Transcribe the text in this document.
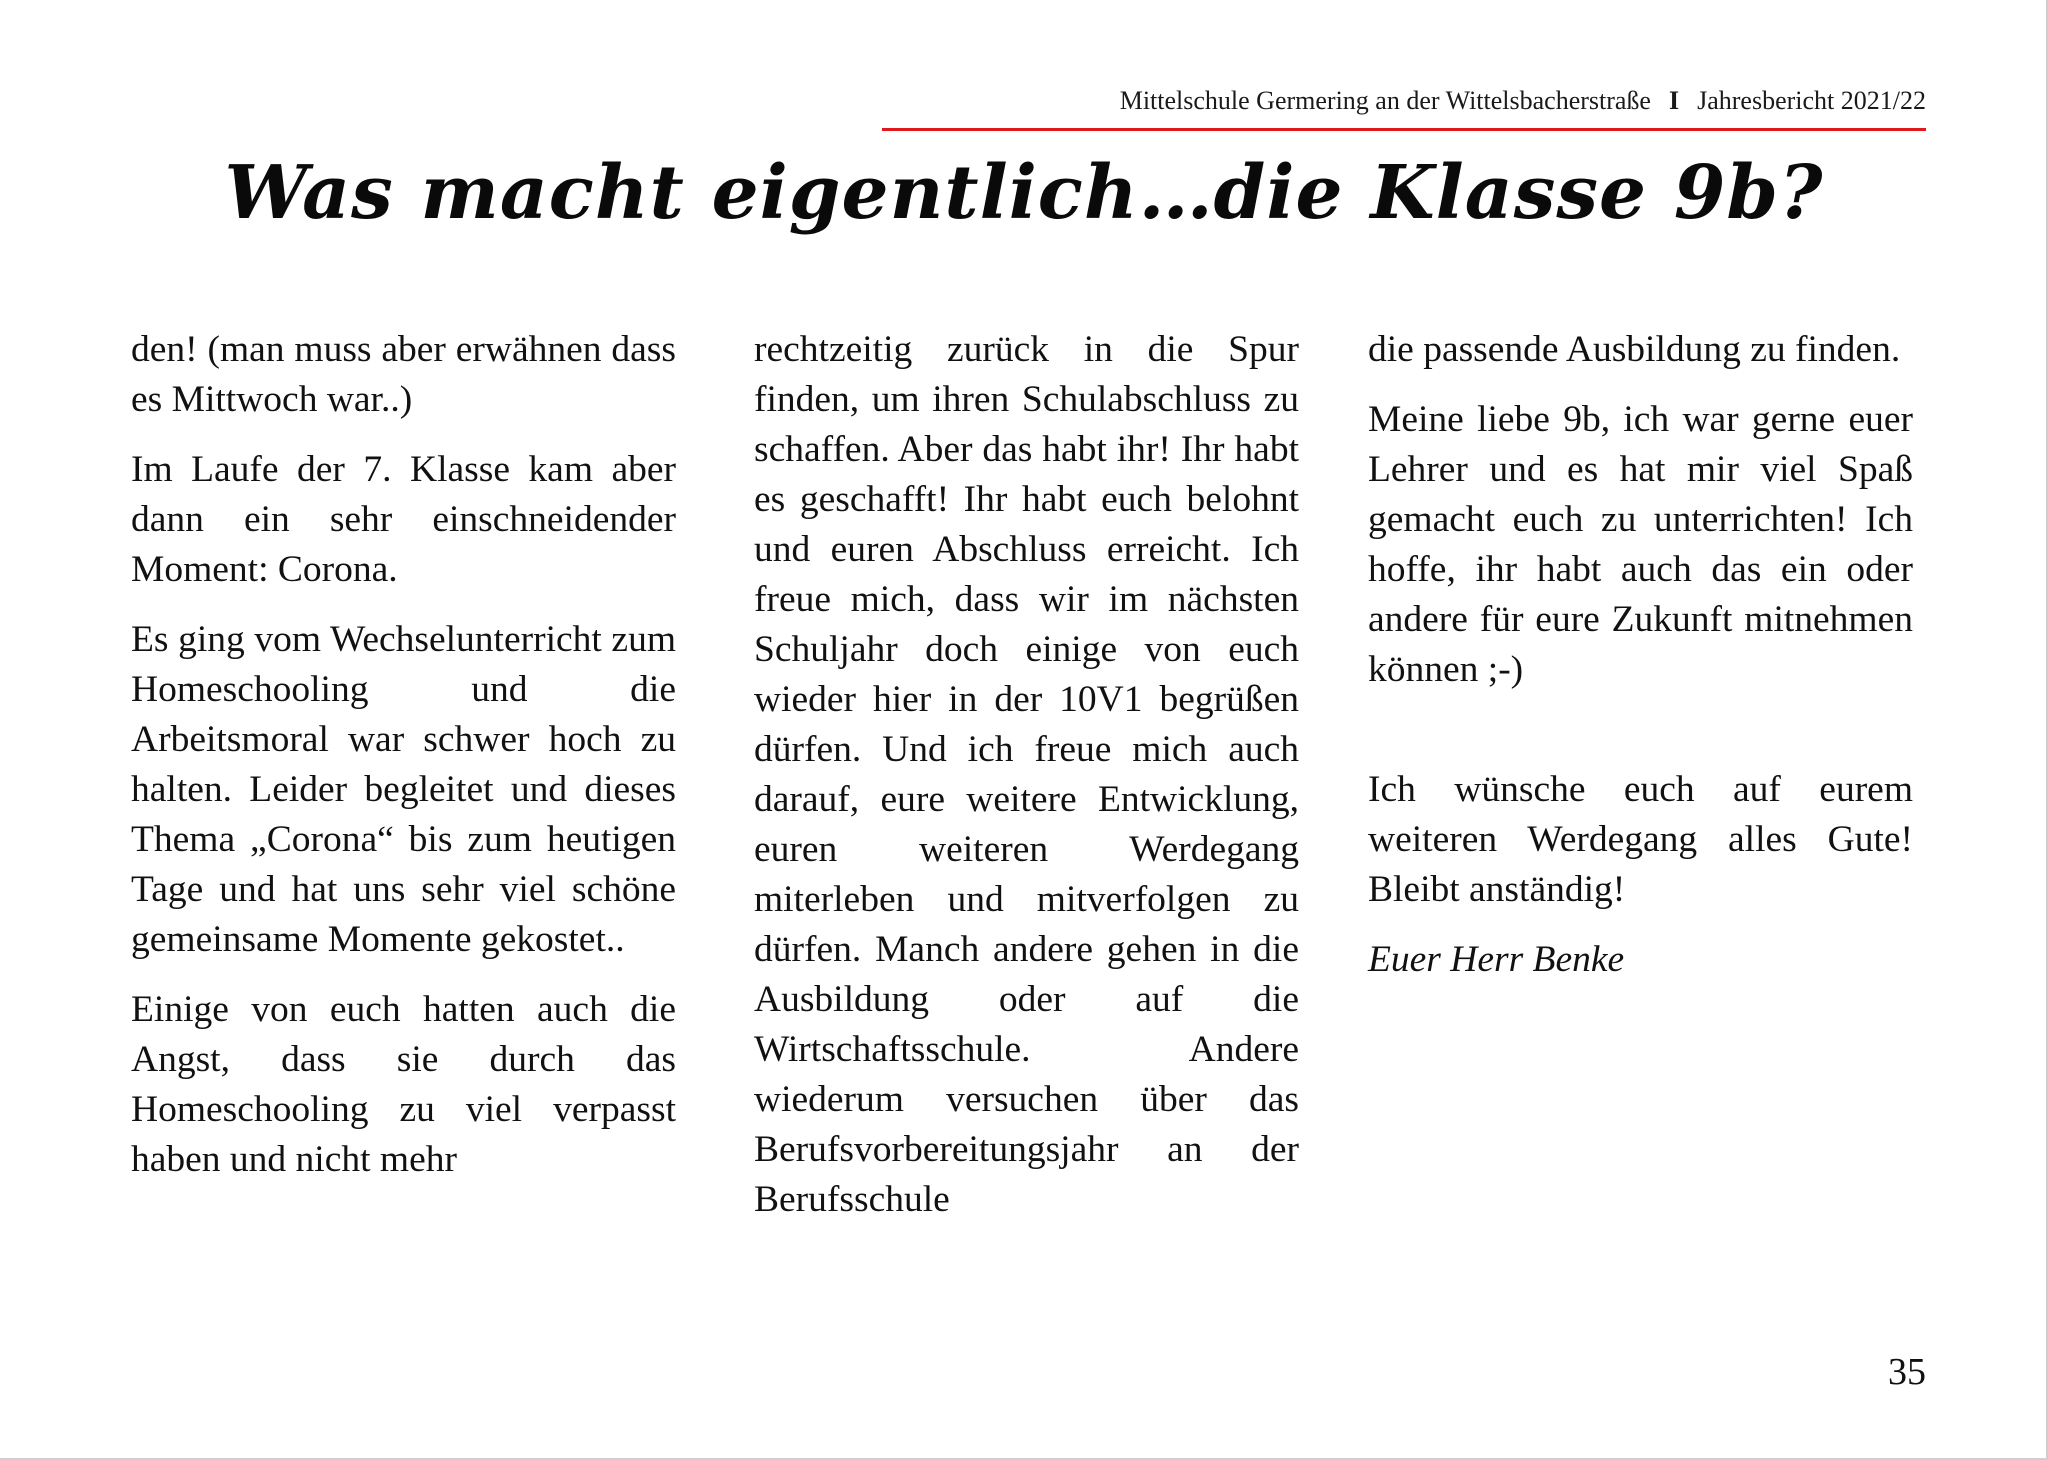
Mittelschule Germering an der Wittelsbacherstraße I Jahresbericht 2021/22
Was macht eigentlich…die Klasse 9b?

den! (man muss aber erwähnen dass es Mittwoch war..)

Im Laufe der 7. Klasse kam aber dann ein sehr einschneidender Moment: Corona.

Es ging vom Wechselunterricht zum Homeschooling und die Arbeitsmoral war schwer hoch zu halten. Leider begleitet und dieses Thema „Corona“ bis zum heutigen Tage und hat uns sehr viel schöne gemeinsame Momente gekostet..

Einige von euch hatten auch die Angst, dass sie durch das Homeschooling zu viel verpasst haben und nicht mehr

rechtzeitig zurück in die Spur finden, um ihren Schulabschluss zu schaffen. Aber das habt ihr! Ihr habt es geschafft! Ihr habt euch belohnt und euren Abschluss erreicht. Ich freue mich, dass wir im nächsten Schuljahr doch einige von euch wieder hier in der 10V1 begrüßen dürfen. Und ich freue mich auch darauf, eure weitere Entwicklung, euren weiteren Werdegang miterleben und mitverfolgen zu dürfen. Manch andere gehen in die Ausbildung oder auf die Wirtschaftsschule. Andere wiederum versuchen über das Berufsvorbereitungsjahr an der Berufsschule

die passende Ausbildung zu finden.

Meine liebe 9b, ich war gerne euer Lehrer und es hat mir viel Spaß gemacht euch zu unterrichten! Ich hoffe, ihr habt auch das ein oder andere für eure Zukunft mitnehmen können ;-)

Ich wünsche euch auf eurem weiteren Werdegang alles Gute! Bleibt anständig!

Euer Herr Benke

35
